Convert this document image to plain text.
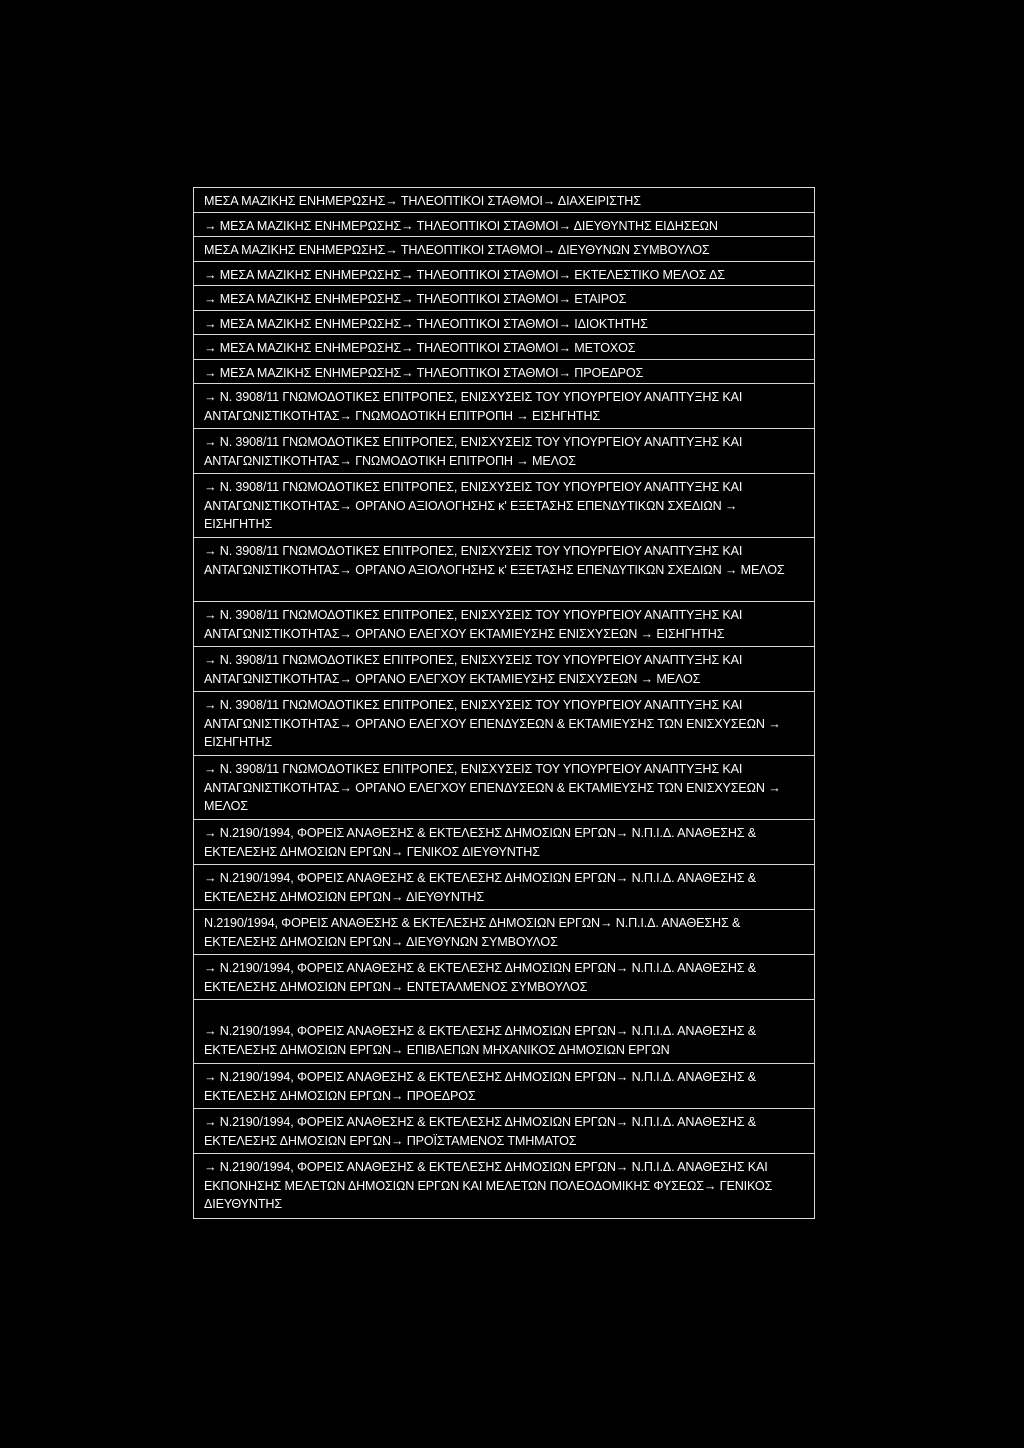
ΜΕΣΑ ΜΑΖΙΚΗΣ ΕΝΗΜΕΡΩΣΗΣ→ ΤΗΛΕΟΠΤΙΚΟΙ ΣΤΑΘΜΟΙ→ ΔΙΑΧΕΙΡΙΣΤΗΣ
→ ΜΕΣΑ ΜΑΖΙΚΗΣ ΕΝΗΜΕΡΩΣΗΣ→ ΤΗΛΕΟΠΤΙΚΟΙ ΣΤΑΘΜΟΙ→ ΔΙΕΥΘΥΝΤΗΣ ΕΙΔΗΣΕΩΝ
ΜΕΣΑ ΜΑΖΙΚΗΣ ΕΝΗΜΕΡΩΣΗΣ→ ΤΗΛΕΟΠΤΙΚΟΙ ΣΤΑΘΜΟΙ→ ΔΙΕΥΘΥΝΩΝ ΣΥΜΒΟΥΛΟΣ
→ ΜΕΣΑ ΜΑΖΙΚΗΣ ΕΝΗΜΕΡΩΣΗΣ→ ΤΗΛΕΟΠΤΙΚΟΙ ΣΤΑΘΜΟΙ→ ΕΚΤΕΛΕΣΤΙΚΟ ΜΕΛΟΣ ΔΣ
→ ΜΕΣΑ ΜΑΖΙΚΗΣ ΕΝΗΜΕΡΩΣΗΣ→ ΤΗΛΕΟΠΤΙΚΟΙ ΣΤΑΘΜΟΙ→ ΕΤΑΙΡΟΣ
→ ΜΕΣΑ ΜΑΖΙΚΗΣ ΕΝΗΜΕΡΩΣΗΣ→ ΤΗΛΕΟΠΤΙΚΟΙ ΣΤΑΘΜΟΙ→ ΙΔΙΟΚΤΗΤΗΣ
→ ΜΕΣΑ ΜΑΖΙΚΗΣ ΕΝΗΜΕΡΩΣΗΣ→ ΤΗΛΕΟΠΤΙΚΟΙ ΣΤΑΘΜΟΙ→ ΜΕΤΟΧΟΣ
→ ΜΕΣΑ ΜΑΖΙΚΗΣ ΕΝΗΜΕΡΩΣΗΣ→ ΤΗΛΕΟΠΤΙΚΟΙ ΣΤΑΘΜΟΙ→ ΠΡΟΕΔΡΟΣ
→ Ν. 3908/11 ΓΝΩΜΟΔΟΤΙΚΕΣ ΕΠΙΤΡΟΠΕΣ, ΕΝΙΣΧΥΣΕΙΣ ΤΟΥ ΥΠΟΥΡΓΕΙΟΥ ΑΝΑΠΤΥΞΗΣ ΚΑΙ ΑΝΤΑΓΩΝΙΣΤΙΚΟΤΗΤΑΣ→ ΓΝΩΜΟΔΟΤΙΚΗ ΕΠΙΤΡΟΠΗ → ΕΙΣΗΓΗΤΗΣ
→ Ν. 3908/11 ΓΝΩΜΟΔΟΤΙΚΕΣ ΕΠΙΤΡΟΠΕΣ, ΕΝΙΣΧΥΣΕΙΣ ΤΟΥ ΥΠΟΥΡΓΕΙΟΥ ΑΝΑΠΤΥΞΗΣ ΚΑΙ ΑΝΤΑΓΩΝΙΣΤΙΚΟΤΗΤΑΣ→ ΓΝΩΜΟΔΟΤΙΚΗ ΕΠΙΤΡΟΠΗ → ΜΕΛΟΣ
→ Ν. 3908/11 ΓΝΩΜΟΔΟΤΙΚΕΣ ΕΠΙΤΡΟΠΕΣ, ΕΝΙΣΧΥΣΕΙΣ ΤΟΥ ΥΠΟΥΡΓΕΙΟΥ ΑΝΑΠΤΥΞΗΣ ΚΑΙ ΑΝΤΑΓΩΝΙΣΤΙΚΟΤΗΤΑΣ→ ΟΡΓΑΝΟ ΑΞΙΟΛΟΓΗΣΗΣ κ' ΕΞΕΤΑΣΗΣ ΕΠΕΝΔΥΤΙΚΩΝ ΣΧΕΔΙΩΝ → ΕΙΣΗΓΗΤΗΣ
→ Ν. 3908/11 ΓΝΩΜΟΔΟΤΙΚΕΣ ΕΠΙΤΡΟΠΕΣ, ΕΝΙΣΧΥΣΕΙΣ ΤΟΥ ΥΠΟΥΡΓΕΙΟΥ ΑΝΑΠΤΥΞΗΣ ΚΑΙ ΑΝΤΑΓΩΝΙΣΤΙΚΟΤΗΤΑΣ→ ΟΡΓΑΝΟ ΑΞΙΟΛΟΓΗΣΗΣ κ' ΕΞΕΤΑΣΗΣ ΕΠΕΝΔΥΤΙΚΩΝ ΣΧΕΔΙΩΝ → ΜΕΛΟΣ
→ Ν. 3908/11 ΓΝΩΜΟΔΟΤΙΚΕΣ ΕΠΙΤΡΟΠΕΣ, ΕΝΙΣΧΥΣΕΙΣ ΤΟΥ ΥΠΟΥΡΓΕΙΟΥ ΑΝΑΠΤΥΞΗΣ ΚΑΙ ΑΝΤΑΓΩΝΙΣΤΙΚΟΤΗΤΑΣ→ ΟΡΓΑΝΟ ΕΛΕΓΧΟΥ ΕΚΤΑΜΙΕΥΣΗΣ ΕΝΙΣΧΥΣΕΩΝ → ΕΙΣΗΓΗΤΗΣ
→ Ν. 3908/11 ΓΝΩΜΟΔΟΤΙΚΕΣ ΕΠΙΤΡΟΠΕΣ, ΕΝΙΣΧΥΣΕΙΣ ΤΟΥ ΥΠΟΥΡΓΕΙΟΥ ΑΝΑΠΤΥΞΗΣ ΚΑΙ ΑΝΤΑΓΩΝΙΣΤΙΚΟΤΗΤΑΣ→ ΟΡΓΑΝΟ ΕΛΕΓΧΟΥ ΕΚΤΑΜΙΕΥΣΗΣ ΕΝΙΣΧΥΣΕΩΝ → ΜΕΛΟΣ
→ Ν. 3908/11 ΓΝΩΜΟΔΟΤΙΚΕΣ ΕΠΙΤΡΟΠΕΣ, ΕΝΙΣΧΥΣΕΙΣ ΤΟΥ ΥΠΟΥΡΓΕΙΟΥ ΑΝΑΠΤΥΞΗΣ ΚΑΙ ΑΝΤΑΓΩΝΙΣΤΙΚΟΤΗΤΑΣ→ ΟΡΓΑΝΟ ΕΛΕΓΧΟΥ ΕΠΕΝΔΥΣΕΩΝ & ΕΚΤΑΜΙΕΥΣΗΣ ΤΩΝ ΕΝΙΣΧΥΣΕΩΝ → ΕΙΣΗΓΗΤΗΣ
→ Ν. 3908/11 ΓΝΩΜΟΔΟΤΙΚΕΣ ΕΠΙΤΡΟΠΕΣ, ΕΝΙΣΧΥΣΕΙΣ ΤΟΥ ΥΠΟΥΡΓΕΙΟΥ ΑΝΑΠΤΥΞΗΣ ΚΑΙ ΑΝΤΑΓΩΝΙΣΤΙΚΟΤΗΤΑΣ→ ΟΡΓΑΝΟ ΕΛΕΓΧΟΥ ΕΠΕΝΔΥΣΕΩΝ & ΕΚΤΑΜΙΕΥΣΗΣ ΤΩΝ ΕΝΙΣΧΥΣΕΩΝ → ΜΕΛΟΣ
→ Ν.2190/1994, ΦΟΡΕΙΣ ΑΝΑΘΕΣΗΣ & ΕΚΤΕΛΕΣΗΣ ΔΗΜΟΣΙΩΝ ΕΡΓΩΝ→ Ν.Π.Ι.Δ. ΑΝΑΘΕΣΗΣ & ΕΚΤΕΛΕΣΗΣ ΔΗΜΟΣΙΩΝ ΕΡΓΩΝ→ ΓΕΝΙΚΟΣ ΔΙΕΥΘΥΝΤΗΣ
→ Ν.2190/1994, ΦΟΡΕΙΣ ΑΝΑΘΕΣΗΣ & ΕΚΤΕΛΕΣΗΣ ΔΗΜΟΣΙΩΝ ΕΡΓΩΝ→ Ν.Π.Ι.Δ. ΑΝΑΘΕΣΗΣ & ΕΚΤΕΛΕΣΗΣ ΔΗΜΟΣΙΩΝ ΕΡΓΩΝ→ ΔΙΕΥΘΥΝΤΗΣ
Ν.2190/1994, ΦΟΡΕΙΣ ΑΝΑΘΕΣΗΣ & ΕΚΤΕΛΕΣΗΣ ΔΗΜΟΣΙΩΝ ΕΡΓΩΝ→ Ν.Π.Ι.Δ. ΑΝΑΘΕΣΗΣ & ΕΚΤΕΛΕΣΗΣ ΔΗΜΟΣΙΩΝ ΕΡΓΩΝ→ ΔΙΕΥΘΥΝΩΝ ΣΥΜΒΟΥΛΟΣ
→ Ν.2190/1994, ΦΟΡΕΙΣ ΑΝΑΘΕΣΗΣ & ΕΚΤΕΛΕΣΗΣ ΔΗΜΟΣΙΩΝ ΕΡΓΩΝ→ Ν.Π.Ι.Δ. ΑΝΑΘΕΣΗΣ & ΕΚΤΕΛΕΣΗΣ ΔΗΜΟΣΙΩΝ ΕΡΓΩΝ→ ΕΝΤΕΤΑΛΜΕΝΟΣ ΣΥΜΒΟΥΛΟΣ
→ Ν.2190/1994, ΦΟΡΕΙΣ ΑΝΑΘΕΣΗΣ & ΕΚΤΕΛΕΣΗΣ ΔΗΜΟΣΙΩΝ ΕΡΓΩΝ→ Ν.Π.Ι.Δ. ΑΝΑΘΕΣΗΣ & ΕΚΤΕΛΕΣΗΣ ΔΗΜΟΣΙΩΝ ΕΡΓΩΝ→ ΕΠΙΒΛΕΠΩΝ ΜΗΧΑΝΙΚΟΣ ΔΗΜΟΣΙΩΝ ΕΡΓΩΝ
→ Ν.2190/1994, ΦΟΡΕΙΣ ΑΝΑΘΕΣΗΣ & ΕΚΤΕΛΕΣΗΣ ΔΗΜΟΣΙΩΝ ΕΡΓΩΝ→ Ν.Π.Ι.Δ. ΑΝΑΘΕΣΗΣ & ΕΚΤΕΛΕΣΗΣ ΔΗΜΟΣΙΩΝ ΕΡΓΩΝ→ ΠΡΟΕΔΡΟΣ
→ Ν.2190/1994, ΦΟΡΕΙΣ ΑΝΑΘΕΣΗΣ & ΕΚΤΕΛΕΣΗΣ ΔΗΜΟΣΙΩΝ ΕΡΓΩΝ→ Ν.Π.Ι.Δ. ΑΝΑΘΕΣΗΣ & ΕΚΤΕΛΕΣΗΣ ΔΗΜΟΣΙΩΝ ΕΡΓΩΝ→ ΠΡΟΪΣΤΑΜΕΝΟΣ ΤΜΗΜΑΤΟΣ
→ Ν.2190/1994, ΦΟΡΕΙΣ ΑΝΑΘΕΣΗΣ & ΕΚΤΕΛΕΣΗΣ ΔΗΜΟΣΙΩΝ ΕΡΓΩΝ→ Ν.Π.Ι.Δ. ΑΝΑΘΕΣΗΣ ΚΑΙ ΕΚΠΟΝΗΣΗΣ ΜΕΛΕΤΩΝ ΔΗΜΟΣΙΩΝ ΕΡΓΩΝ ΚΑΙ ΜΕΛΕΤΩΝ ΠΟΛΕΟΔΟΜΙΚΗΣ ΦΥΣΕΩΣ→ ΓΕΝΙΚΟΣ ΔΙΕΥΘΥΝΤΗΣ
